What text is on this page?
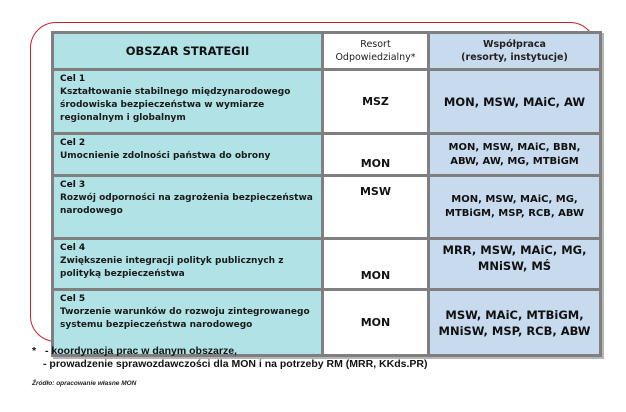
OBSZAR STRATEGII	Resort
Odpowiedzialny*	Współpraca
(resorty, instytucje)

Cel 1
Kształtowanie stabilnego międzynarodowego środowiska bezpieczeństwa w wymiarze regionalnym i globalnym	MSZ	MON, MSW, MAiC, AW

Cel 2
Umocnienie zdolności państwa do obrony	MON	MON, MSW, MAiC, BBN, ABW, AW, MG, MTBiGM

Cel 3
Rozwój odporności na zagrożenia bezpieczeństwa narodowego	MSW	MON, MSW, MAiC, MG, MTBiGM, MSP, RCB, ABW

Cel 4
Zwiększenie integracji polityk publicznych z polityką bezpieczeństwa	MON	MRR, MSW, MAiC, MG, MNiSW, MŚ

Cel 5
Tworzenie warunków do rozwoju zintegrowanego systemu bezpieczeństwa narodowego	MON	MSW, MAiC, MTBiGM, MNiSW, MSP, RCB, ABW
* - koordynacja prac w danym obszarze,
- prowadzenie sprawozdawczości dla MON i na potrzeby RM (MRR, KKds.PR)
Źródło: opracowanie własne MON
